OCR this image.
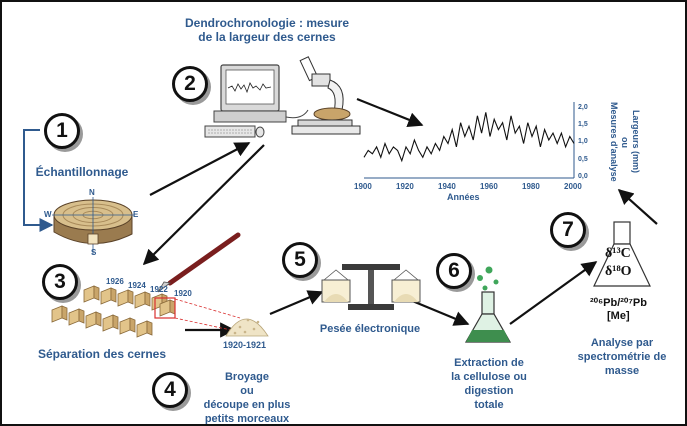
1
2
3
4
5	6
7
Échantillonnage
Dendrochronologie : mesure
de la largeur des cernes
Séparation des cernes
Broyage
ou
découpe en plus
petits morceaux
Pesée électronique
Extraction de
la cellulose ou
digestion
totale
Analyse par
spectrométrie de
masse
N
S
E
W
1926 1924 1922 1920
1920-1921
δ¹³C
δ¹⁸O
²⁰⁶Pb/²⁰⁷Pb
[Me]
1900	1920	1940	1960	1980	2000
0,0
0,5
1,0
1,5
2,0
Années
Largeurs (mm)
ou
Mesures d'analyse
